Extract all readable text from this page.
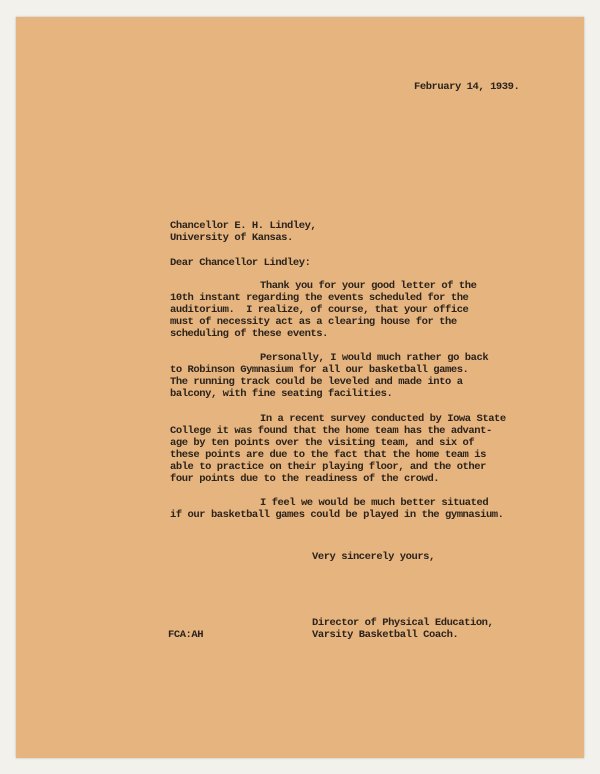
February 14, 1939.
Chancellor E. H. Lindley,
University of Kansas.
Dear Chancellor Lindley:
Thank you for your good letter of the
10th instant regarding the events scheduled for the
auditorium.  I realize, of course, that your office
must of necessity act as a clearing house for the
scheduling of these events.
Personally, I would much rather go back
to Robinson Gymnasium for all our basketball games.
The running track could be leveled and made into a
balcony, with fine seating facilities.
In a recent survey conducted by Iowa State
College it was found that the home team has the advant-
age by ten points over the visiting team, and six of
these points are due to the fact that the home team is
able to practice on their playing floor, and the other
four points due to the readiness of the crowd.
I feel we would be much better situated
if our basketball games could be played in the gymnasium.
Very sincerely yours,
Director of Physical Education,
Varsity Basketball Coach.
FCA:AH
